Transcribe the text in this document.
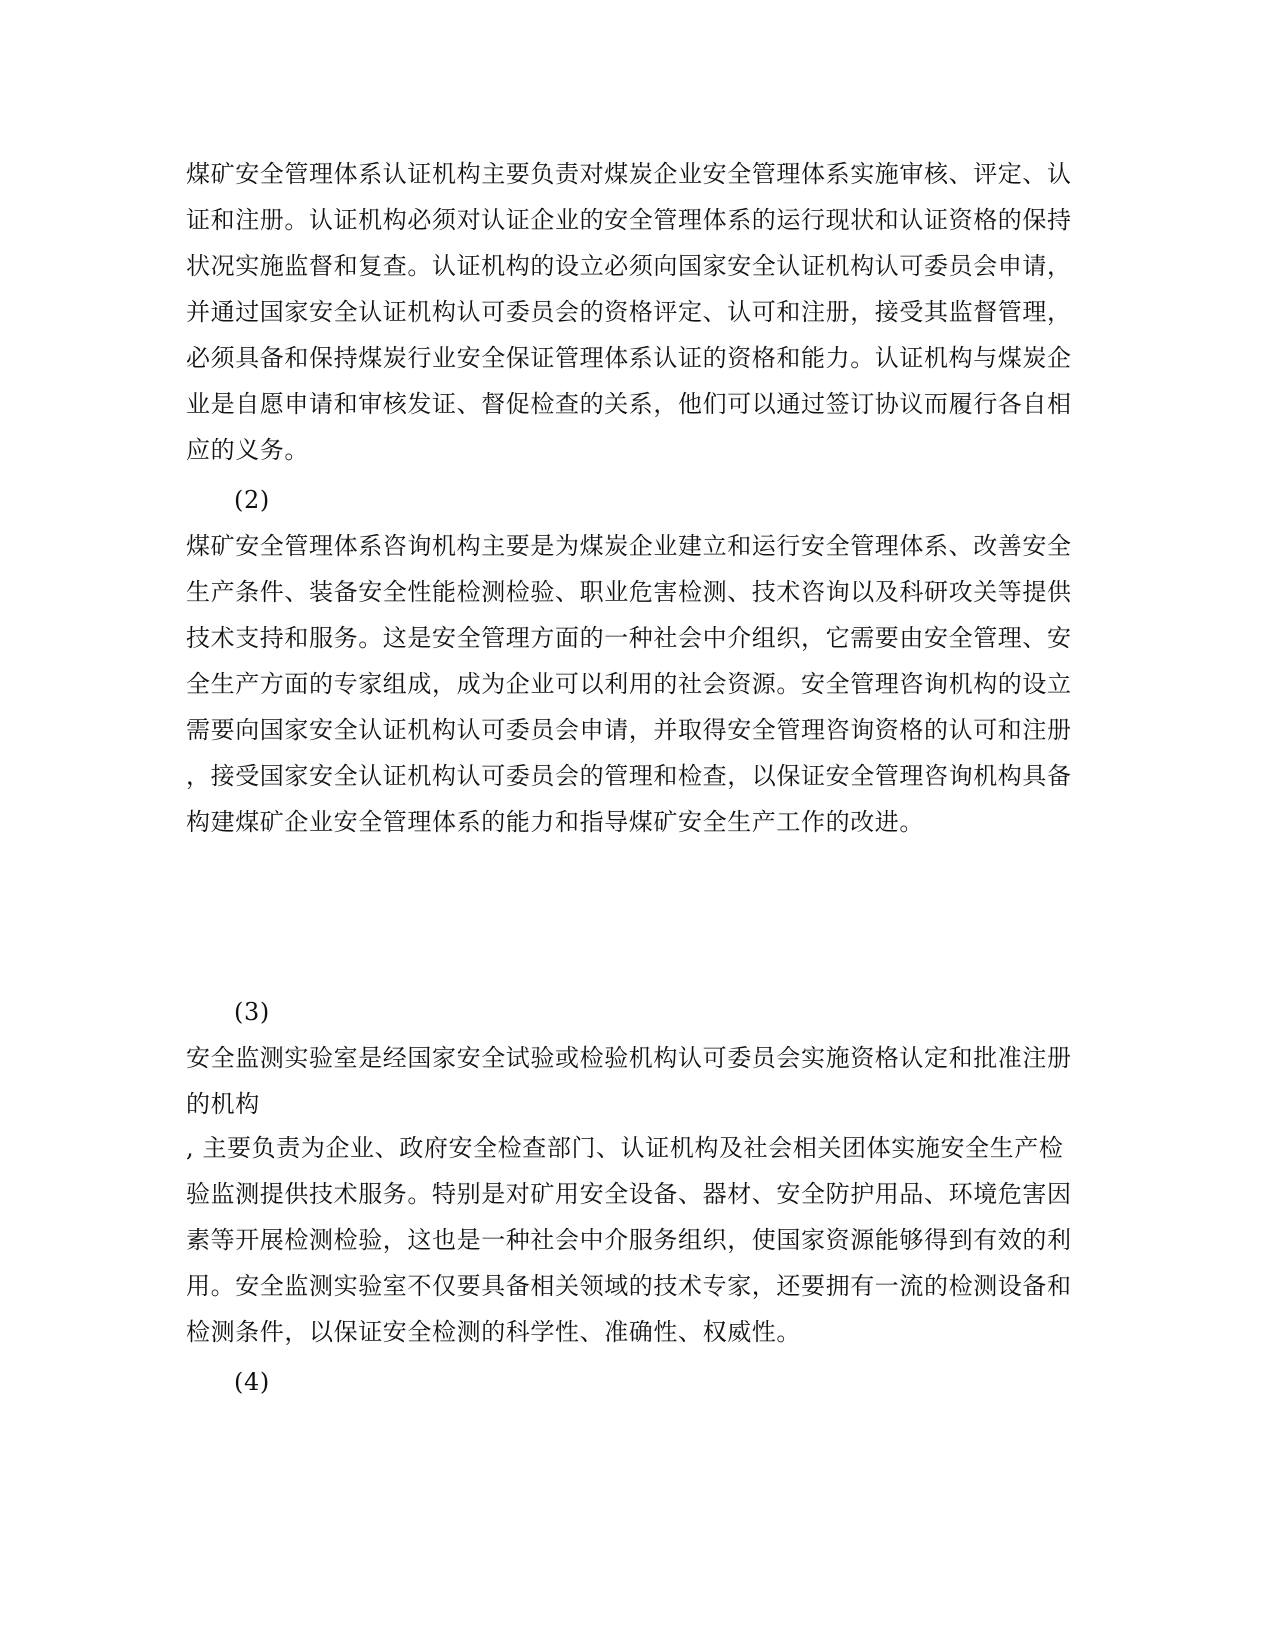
煤矿安全管理体系认证机构主要负责对煤炭企业安全管理体系实施审核、评定、认
证和注册。认证机构必须对认证企业的安全管理体系的运行现状和认证资格的保持
状况实施监督和复查。认证机构的设立必须向国家安全认证机构认可委员会申请，
并通过国家安全认证机构认可委员会的资格评定、认可和注册，接受其监督管理，
必须具备和保持煤炭行业安全保证管理体系认证的资格和能力。认证机构与煤炭企
业是自愿申请和审核发证、督促检查的关系，他们可以通过签订协议而履行各自相
应的义务。
(2)
煤矿安全管理体系咨询机构主要是为煤炭企业建立和运行安全管理体系、改善安全
生产条件、装备安全性能检测检验、职业危害检测、技术咨询以及科研攻关等提供
技术支持和服务。这是安全管理方面的一种社会中介组织，它需要由安全管理、安
全生产方面的专家组成，成为企业可以利用的社会资源。安全管理咨询机构的设立
需要向国家安全认证机构认可委员会申请，并取得安全管理咨询资格的认可和注册
，接受国家安全认证机构认可委员会的管理和检查，以保证安全管理咨询机构具备
构建煤矿企业安全管理体系的能力和指导煤矿安全生产工作的改进。
(3)
安全监测实验室是经国家安全试验或检验机构认可委员会实施资格认定和批准注册
的机构
, 主要负责为企业、政府安全检查部门、认证机构及社会相关团体实施安全生产检
验监测提供技术服务。特别是对矿用安全设备、器材、安全防护用品、环境危害因
素等开展检测检验，这也是一种社会中介服务组织，使国家资源能够得到有效的利
用。安全监测实验室不仅要具备相关领域的技术专家，还要拥有一流的检测设备和
检测条件，以保证安全检测的科学性、准确性、权威性。
(4)
